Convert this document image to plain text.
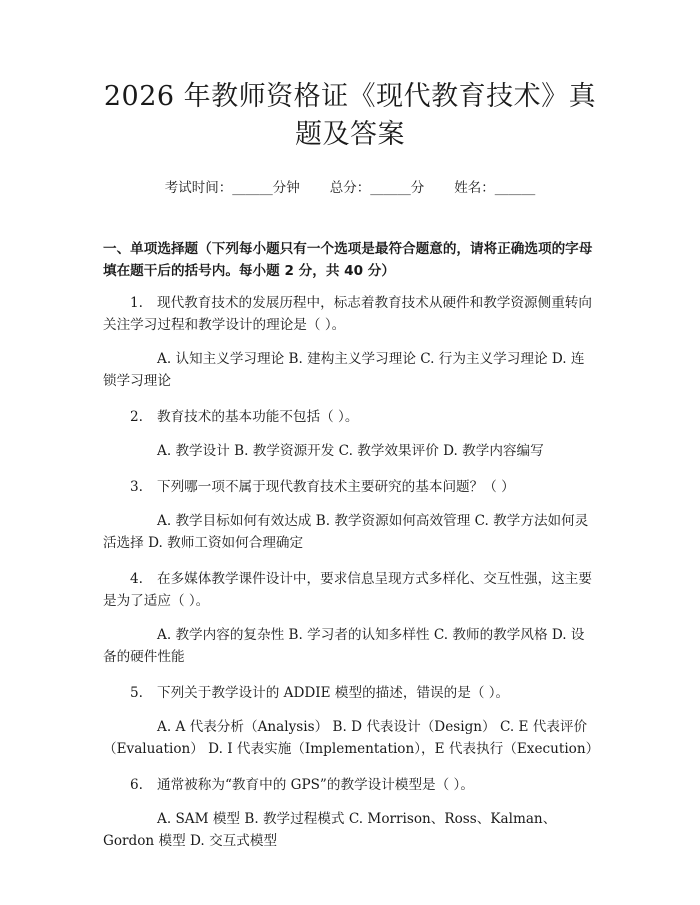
2026 年教师资格证《现代教育技术》真题及答案
考试时间：______分钟 总分：______分 姓名：______
一、单项选择题（下列每小题只有一个选项是最符合题意的，请将正确选项的字母填在题干后的括号内。每小题 2 分，共 40 分）
1. 现代教育技术的发展历程中，标志着教育技术从硬件和教学资源侧重转向关注学习过程和教学设计的理论是（ ）。
A. 认知主义学习理论 B. 建构主义学习理论 C. 行为主义学习理论 D. 连锁学习理论
2. 教育技术的基本功能不包括（ ）。
A. 教学设计 B. 教学资源开发 C. 教学效果评价 D. 教学内容编写
3. 下列哪一项不属于现代教育技术主要研究的基本问题？（ ）
A. 教学目标如何有效达成 B. 教学资源如何高效管理 C. 教学方法如何灵活选择 D. 教师工资如何合理确定
4. 在多媒体教学课件设计中，要求信息呈现方式多样化、交互性强，这主要是为了适应（ ）。
A. 教学内容的复杂性 B. 学习者的认知多样性 C. 教师的教学风格 D. 设备的硬件性能
5. 下列关于教学设计的 ADDIE 模型的描述，错误的是（ ）。
A. A 代表分析（Analysis） B. D 代表设计（Design） C. E 代表评价（Evaluation） D. I 代表实施（Implementation），E 代表执行（Execution）
6. 通常被称为“教育中的 GPS”的教学设计模型是（ ）。
A. SAM 模型 B. 教学过程模式 C. Morrison、Ross、Kalman、Gordon 模型 D. 交互式模型
